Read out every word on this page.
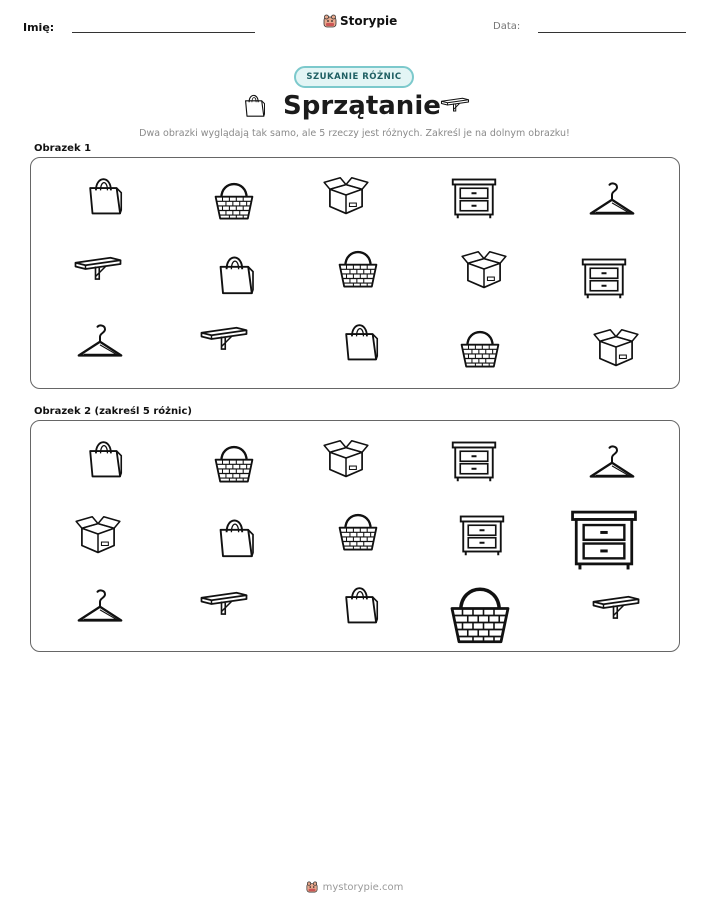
Imię:	Storypie	Data:
SZUKANIE RÓŻNIC
Sprzątanie
Dwa obrazki wyglądają tak samo, ale 5 rzeczy jest różnych. Zakreśl je na dolnym obrazku!
Obrazek 1
Obrazek 2 (zakreśl 5 różnic)
mystorypie.com
